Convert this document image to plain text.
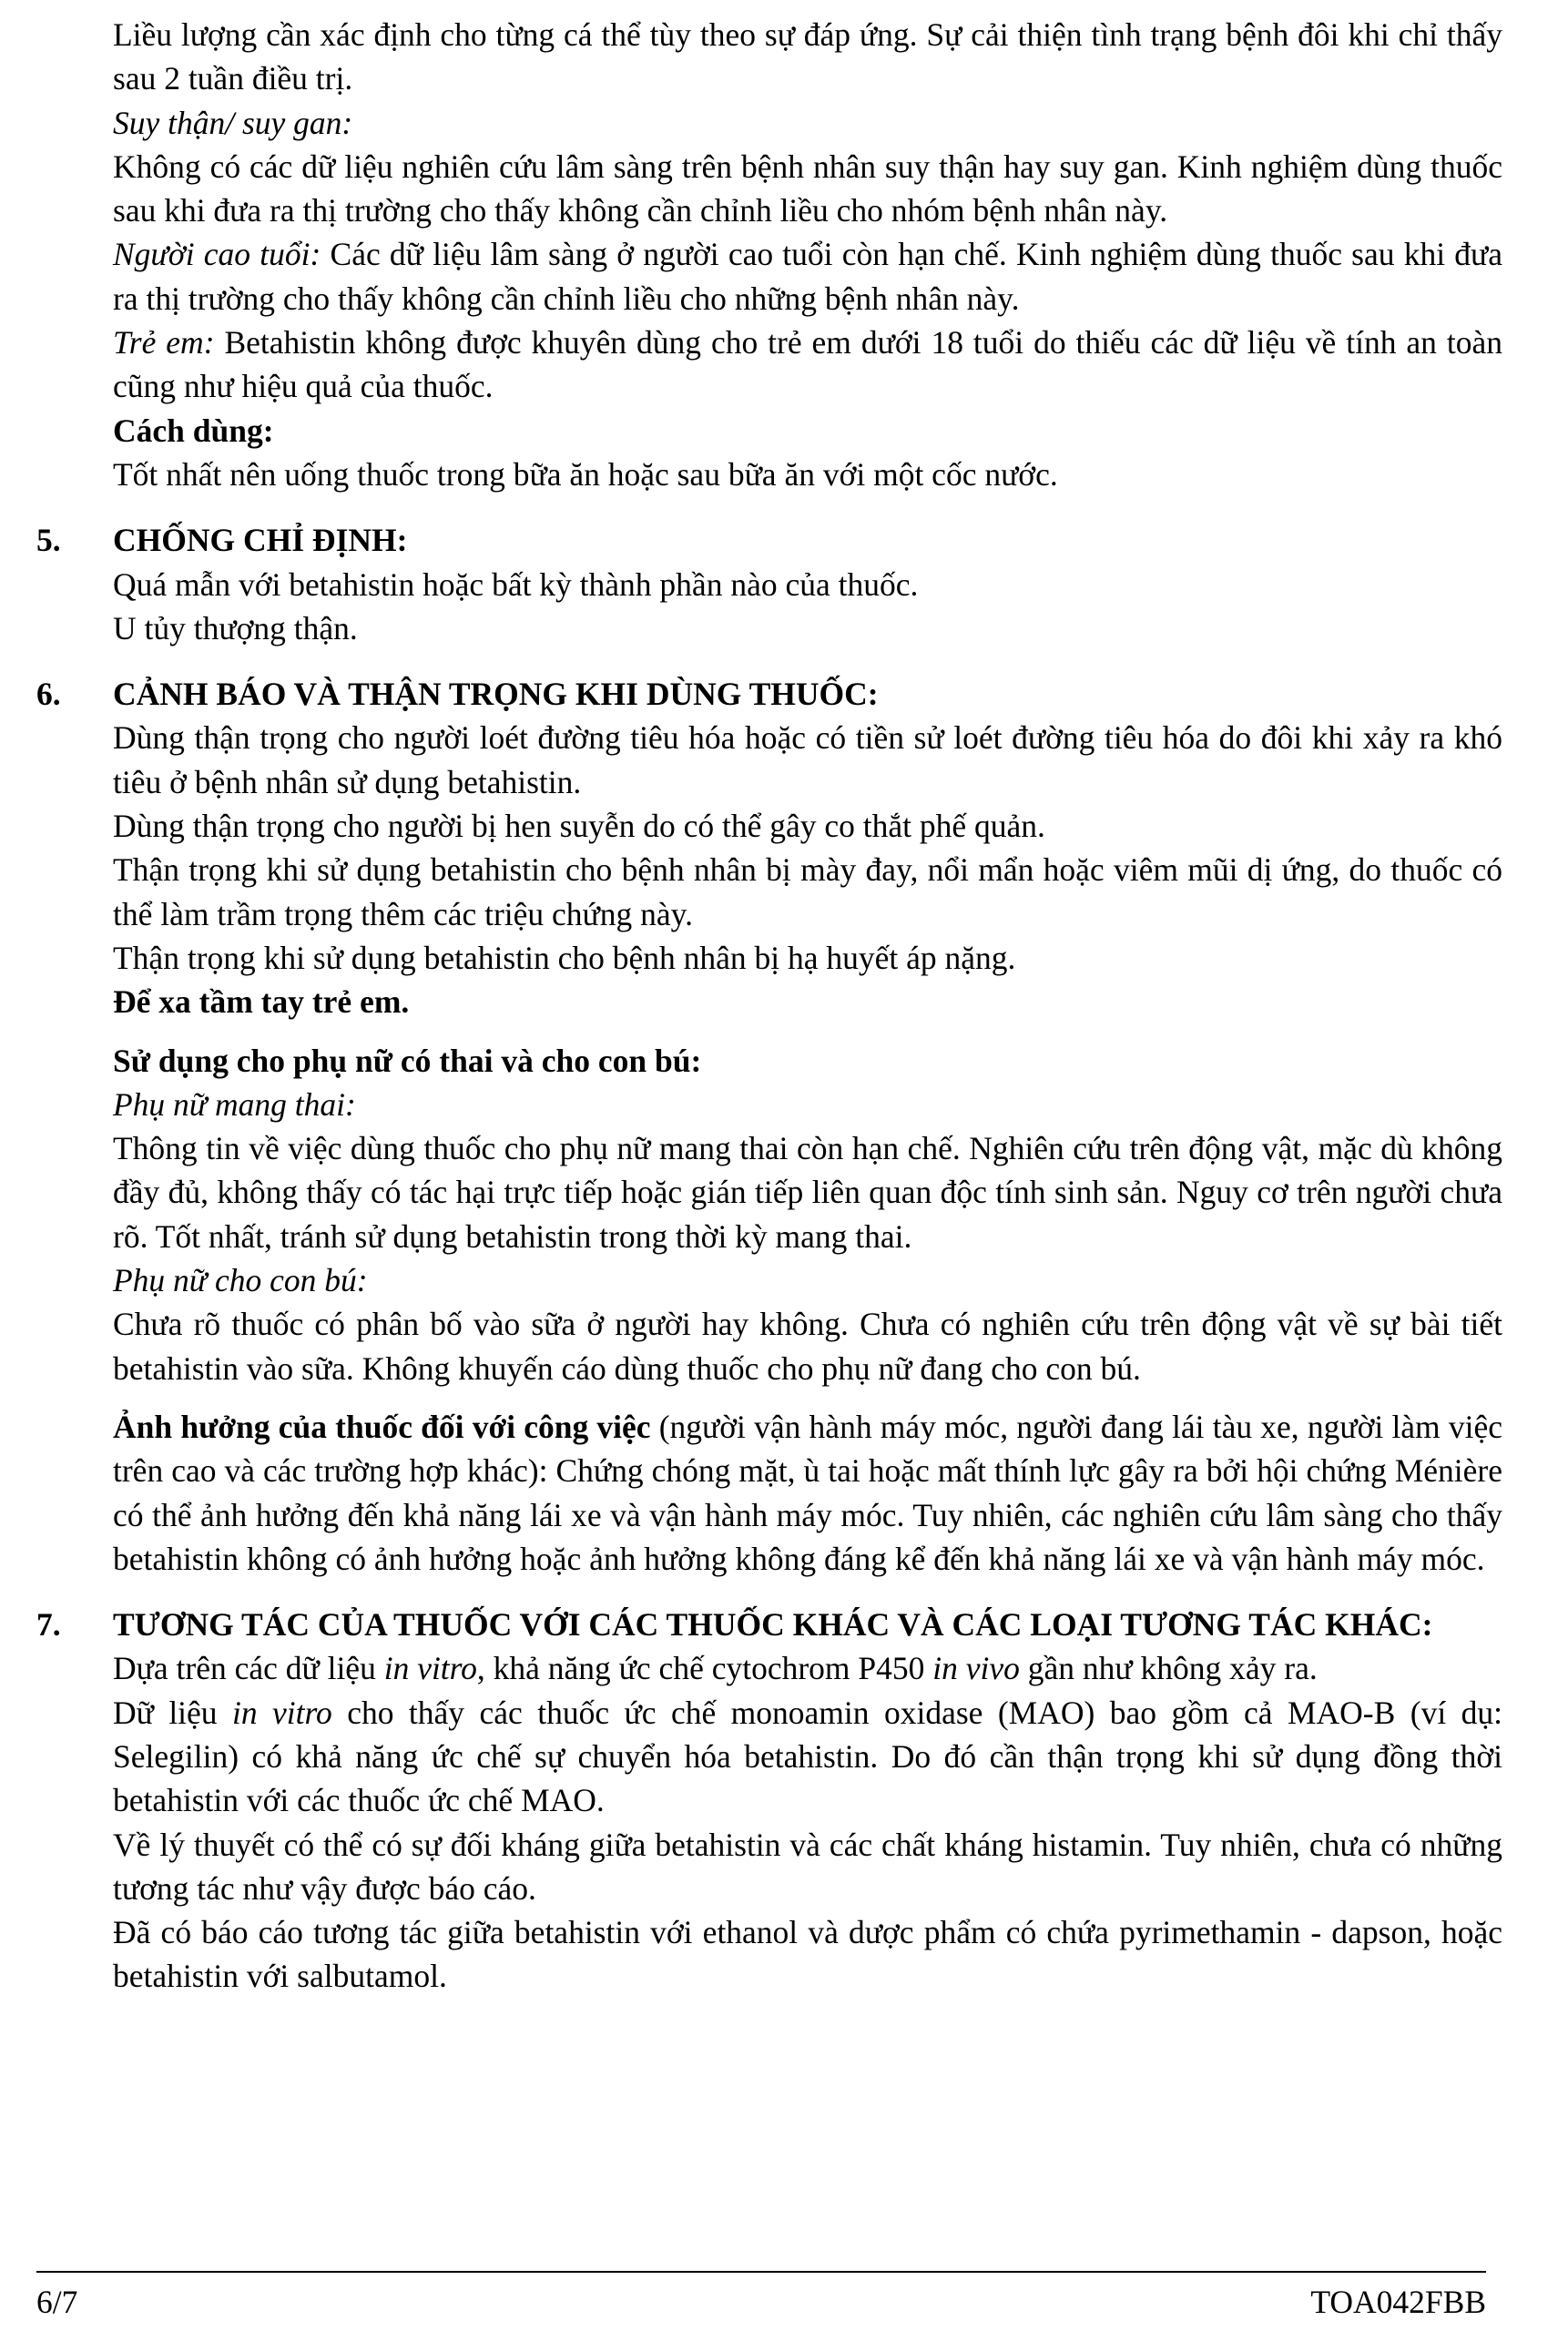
Liều lượng cần xác định cho từng cá thể tùy theo sự đáp ứng. Sự cải thiện tình trạng bệnh đôi khi chỉ thấy sau 2 tuần điều trị.

Suy thận/ suy gan:

Không có các dữ liệu nghiên cứu lâm sàng trên bệnh nhân suy thận hay suy gan. Kinh nghiệm dùng thuốc sau khi đưa ra thị trường cho thấy không cần chỉnh liều cho nhóm bệnh nhân này.

Người cao tuổi: Các dữ liệu lâm sàng ở người cao tuổi còn hạn chế. Kinh nghiệm dùng thuốc sau khi đưa ra thị trường cho thấy không cần chỉnh liều cho những bệnh nhân này.

Trẻ em: Betahistin không được khuyên dùng cho trẻ em dưới 18 tuổi do thiếu các dữ liệu về tính an toàn cũng như hiệu quả của thuốc.

Cách dùng:

Tốt nhất nên uống thuốc trong bữa ăn hoặc sau bữa ăn với một cốc nước.

5.	CHỐNG CHỈ ĐỊNH:

Quá mẫn với betahistin hoặc bất kỳ thành phần nào của thuốc.

U tủy thượng thận.

6.	CẢNH BÁO VÀ THẬN TRỌNG KHI DÙNG THUỐC:

Dùng thận trọng cho người loét đường tiêu hóa hoặc có tiền sử loét đường tiêu hóa do đôi khi xảy ra khó tiêu ở bệnh nhân sử dụng betahistin.

Dùng thận trọng cho người bị hen suyễn do có thể gây co thắt phế quản.

Thận trọng khi sử dụng betahistin cho bệnh nhân bị mày đay, nổi mẩn hoặc viêm mũi dị ứng, do thuốc có thể làm trầm trọng thêm các triệu chứng này.

Thận trọng khi sử dụng betahistin cho bệnh nhân bị hạ huyết áp nặng.

Để xa tầm tay trẻ em.

Sử dụng cho phụ nữ có thai và cho con bú:

Phụ nữ mang thai:

Thông tin về việc dùng thuốc cho phụ nữ mang thai còn hạn chế. Nghiên cứu trên động vật, mặc dù không đầy đủ, không thấy có tác hại trực tiếp hoặc gián tiếp liên quan độc tính sinh sản. Nguy cơ trên người chưa rõ. Tốt nhất, tránh sử dụng betahistin trong thời kỳ mang thai.

Phụ nữ cho con bú:

Chưa rõ thuốc có phân bố vào sữa ở người hay không. Chưa có nghiên cứu trên động vật về sự bài tiết betahistin vào sữa. Không khuyến cáo dùng thuốc cho phụ nữ đang cho con bú.

Ảnh hưởng của thuốc đối với công việc (người vận hành máy móc, người đang lái tàu xe, người làm việc trên cao và các trường hợp khác): Chứng chóng mặt, ù tai hoặc mất thính lực gây ra bởi hội chứng Ménière có thể ảnh hưởng đến khả năng lái xe và vận hành máy móc. Tuy nhiên, các nghiên cứu lâm sàng cho thấy betahistin không có ảnh hưởng hoặc ảnh hưởng không đáng kể đến khả năng lái xe và vận hành máy móc.

7.	TƯƠNG TÁC CỦA THUỐC VỚI CÁC THUỐC KHÁC VÀ CÁC LOẠI TƯƠNG TÁC KHÁC:

Dựa trên các dữ liệu in vitro, khả năng ức chế cytochrom P450 in vivo gần như không xảy ra.

Dữ liệu in vitro cho thấy các thuốc ức chế monoamin oxidase (MAO) bao gồm cả MAO-B (ví dụ: Selegilin) có khả năng ức chế sự chuyển hóa betahistin. Do đó cần thận trọng khi sử dụng đồng thời betahistin với các thuốc ức chế MAO.

Về lý thuyết có thể có sự đối kháng giữa betahistin và các chất kháng histamin. Tuy nhiên, chưa có những tương tác như vậy được báo cáo.

Đã có báo cáo tương tác giữa betahistin với ethanol và dược phẩm có chứa pyrimethamin - dapson, hoặc betahistin với salbutamol.

6/7	TOA042FBB
